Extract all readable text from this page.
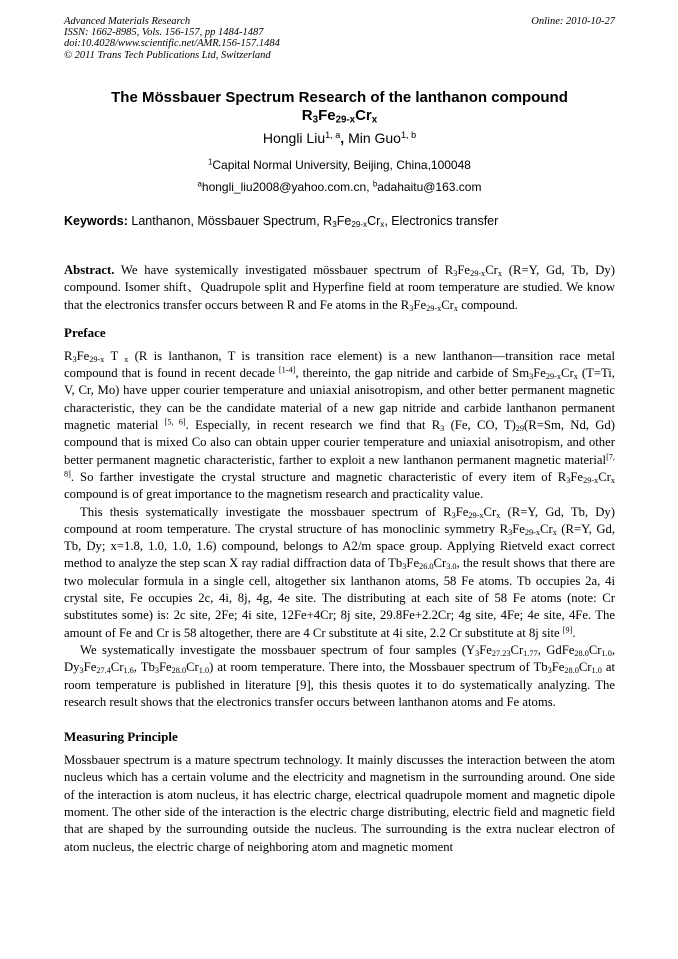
Advanced Materials Research
ISSN: 1662-8985, Vols. 156-157, pp 1484-1487
doi:10.4028/www.scientific.net/AMR.156-157.1484
© 2011 Trans Tech Publications Ltd, Switzerland
Online: 2010-10-27
The Mössbauer Spectrum Research of the lanthanon compound
$R_3Fe_{29-x}Cr_x$
Hongli Liu$^{1, a}$, Min Guo$^{1, b}$
$^1$Capital Normal University, Beijing, China,100048
$^a$hongli_liu2008@yahoo.com.cn, $^b$adahaitu@163.com
Keywords: Lanthanon, Mössbauer Spectrum, $R_3Fe_{29-x}Cr_x$, Electronics transfer

Abstract. We have systemically investigated mössbauer spectrum of $R_3Fe_{29-x}Cr_x$ (R=Y, Gd, Tb, Dy) compound. Isomer shift、Quadrupole split and Hyperfine field at room temperature are studied. We know that the electronics transfer occurs between R and Fe atoms in the $R_3Fe_{29-x}Cr_x$ compound.

Preface

$R_3Fe_{29-x}$ T $_x$ (R is lanthanon, T is transition race element) is a new lanthanon—transition race metal compound that is found in recent decade [1-4], thereinto, the gap nitride and carbide of $Sm_3Fe_{29-x}Cr_x$ (T=Ti, V, Cr, Mo) have upper courier temperature and uniaxial anisotropism, and other better permanent magnetic characteristic, they can be the candidate material of a new gap nitride and carbide lanthanon permanent magnetic material [5, 6]. Especially, in recent research we find that $R_3$ (Fe, CO, $T)_{29}(R=Sm$, Nd, Gd) compound that is mixed Co also can obtain upper courier temperature and uniaxial anisotropism, and other better permanent magnetic characteristic, farther to exploit a new lanthanon permanent magnetic material[7, 8]. So farther investigate the crystal structure and magnetic characteristic of every item of $R_3Fe_{29-x}Cr_x$ compound is of great importance to the magnetism research and practicality value.

This thesis systematically investigate the mossbauer spectrum of $R_3Fe_{29-x}Cr_x$ (R=Y, Gd, Tb, Dy) compound at room temperature. The crystal structure of has monoclinic symmetry $R_3Fe_{29-x}Cr_x$ (R=Y, Gd, Tb, Dy; x=1.8, 1.0, 1.0, 1.6) compound, belongs to A2/m space group. Applying Rietveld exact correct method to analyze the step scan X ray radial diffraction data of $Tb_3Fe_{26.0}Cr_{3.0}$, the result shows that there are two molecular formula in a single cell, altogether six lanthanon atoms, 58 Fe atoms. Tb occupies 2a, 4i crystal site, Fe occupies 2c, 4i, 8j, 4g, 4e site. The distributing at each site of 58 Fe atoms (note: Cr substitutes some) is: 2c site, 2Fe; 4i site, 12Fe+4Cr; 8j site, 29.8Fe+2.2Cr; 4g site, 4Fe; 4e site, 4Fe. The amount of Fe and Cr is 58 altogether, there are 4 Cr substitute at 4i site, 2.2 Cr substitute at 8j site [9].

We systematically investigate the mossbauer spectrum of four samples ($Y_3Fe_{27.23}Cr_{1.77}$, $GdFe_{28.0}Cr_{1.0}$, $Dy_3Fe_{27.4}Cr_{1.6}$, $Tb_3Fe_{28.0}Cr_{1.0}$) at room temperature. There into, the Mossbauer spectrum of $Tb_3Fe_{28.0}Cr_{1.0}$ at room temperature is published in literature [9], this thesis quotes it to do systematically analyzing. The research result shows that the electronics transfer occurs between lanthanon atoms and Fe atoms.

Measuring Principle

Mossbauer spectrum is a mature spectrum technology. It mainly discusses the interaction between the atom nucleus which has a certain volume and the electricity and magnetism in the surrounding around. One side of the interaction is atom nucleus, it has electric charge, electrical quadrupole moment and magnetic dipole moment. The other side of the interaction is the electric charge distributing, electric field and magnetic field that are shaped by the surrounding outside the nucleus. The surrounding is the extra nuclear electron of atom nucleus, the electric charge of neighboring atom and magnetic moment
